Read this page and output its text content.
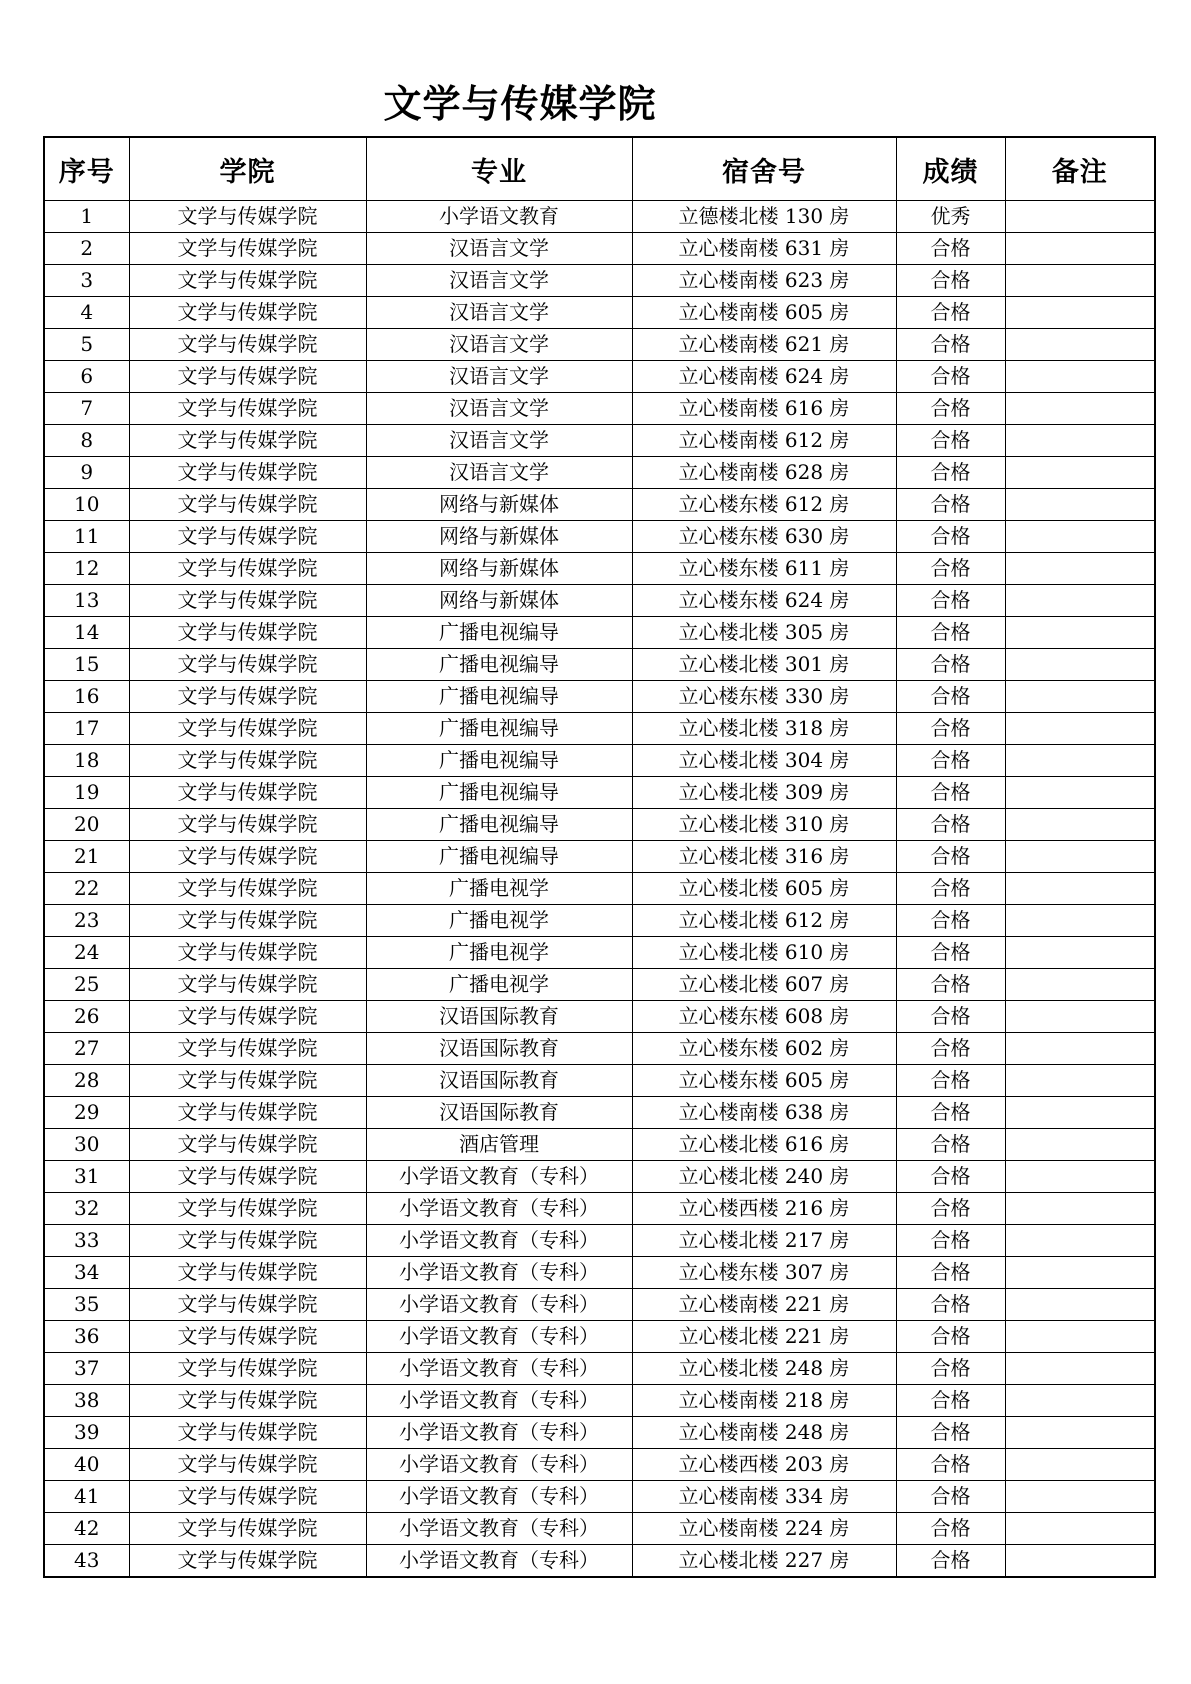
文学与传媒学院
序号	学院	专业	宿舍号	成绩	备注
1	文学与传媒学院	小学语文教育	立德楼北楼 130 房	优秀	
2	文学与传媒学院	汉语言文学	立心楼南楼 631 房	合格	
3	文学与传媒学院	汉语言文学	立心楼南楼 623 房	合格	
4	文学与传媒学院	汉语言文学	立心楼南楼 605 房	合格	
5	文学与传媒学院	汉语言文学	立心楼南楼 621 房	合格	
6	文学与传媒学院	汉语言文学	立心楼南楼 624 房	合格	
7	文学与传媒学院	汉语言文学	立心楼南楼 616 房	合格	
8	文学与传媒学院	汉语言文学	立心楼南楼 612 房	合格	
9	文学与传媒学院	汉语言文学	立心楼南楼 628 房	合格	
10	文学与传媒学院	网络与新媒体	立心楼东楼 612 房	合格	
11	文学与传媒学院	网络与新媒体	立心楼东楼 630 房	合格	
12	文学与传媒学院	网络与新媒体	立心楼东楼 611 房	合格	
13	文学与传媒学院	网络与新媒体	立心楼东楼 624 房	合格	
14	文学与传媒学院	广播电视编导	立心楼北楼 305 房	合格	
15	文学与传媒学院	广播电视编导	立心楼北楼 301 房	合格	
16	文学与传媒学院	广播电视编导	立心楼东楼 330 房	合格	
17	文学与传媒学院	广播电视编导	立心楼北楼 318 房	合格	
18	文学与传媒学院	广播电视编导	立心楼北楼 304 房	合格	
19	文学与传媒学院	广播电视编导	立心楼北楼 309 房	合格	
20	文学与传媒学院	广播电视编导	立心楼北楼 310 房	合格	
21	文学与传媒学院	广播电视编导	立心楼北楼 316 房	合格	
22	文学与传媒学院	广播电视学	立心楼北楼 605 房	合格	
23	文学与传媒学院	广播电视学	立心楼北楼 612 房	合格	
24	文学与传媒学院	广播电视学	立心楼北楼 610 房	合格	
25	文学与传媒学院	广播电视学	立心楼北楼 607 房	合格	
26	文学与传媒学院	汉语国际教育	立心楼东楼 608 房	合格	
27	文学与传媒学院	汉语国际教育	立心楼东楼 602 房	合格	
28	文学与传媒学院	汉语国际教育	立心楼东楼 605 房	合格	
29	文学与传媒学院	汉语国际教育	立心楼南楼 638 房	合格	
30	文学与传媒学院	酒店管理	立心楼北楼 616 房	合格	
31	文学与传媒学院	小学语文教育（专科）	立心楼北楼 240 房	合格	
32	文学与传媒学院	小学语文教育（专科）	立心楼西楼 216 房	合格	
33	文学与传媒学院	小学语文教育（专科）	立心楼北楼 217 房	合格	
34	文学与传媒学院	小学语文教育（专科）	立心楼东楼 307 房	合格	
35	文学与传媒学院	小学语文教育（专科）	立心楼南楼 221 房	合格	
36	文学与传媒学院	小学语文教育（专科）	立心楼北楼 221 房	合格	
37	文学与传媒学院	小学语文教育（专科）	立心楼北楼 248 房	合格	
38	文学与传媒学院	小学语文教育（专科）	立心楼南楼 218 房	合格	
39	文学与传媒学院	小学语文教育（专科）	立心楼南楼 248 房	合格	
40	文学与传媒学院	小学语文教育（专科）	立心楼西楼 203 房	合格	
41	文学与传媒学院	小学语文教育（专科）	立心楼南楼 334 房	合格	
42	文学与传媒学院	小学语文教育（专科）	立心楼南楼 224 房	合格	
43	文学与传媒学院	小学语文教育（专科）	立心楼北楼 227 房	合格	
